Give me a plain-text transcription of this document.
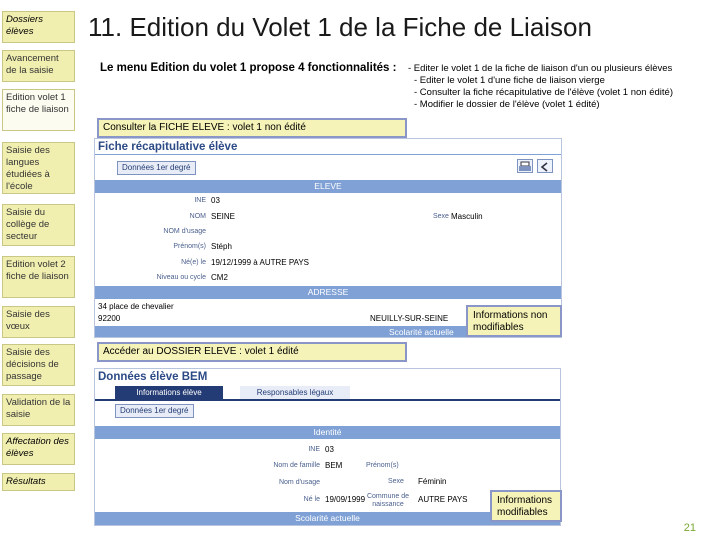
Dossiers élèves
Avancement de la saisie
Edition volet 1 fiche de liaison
Saisie des langues étudiées à l'école
Saisie du collège de secteur
Edition volet 2 fiche de liaison
Saisie des vœux
Saisie des décisions de passage
Validation de la saisie
Affectation des élèves
Résultats
11. Edition du Volet 1 de la Fiche de Liaison
Le menu Edition du volet 1 propose 4 fonctionnalités : - Editer le volet 1 de la fiche de liaison d'un ou plusieurs élèves
- Editer le volet 1 d'une fiche de liaison vierge
- Consulter la fiche récapitulative de l'élève (volet 1 non édité)
- Modifier le dossier de l'élève (volet 1 édité)
Consulter la FICHE ELEVE : volet 1 non édité
Fiche récapitulative élève
Données 1er degré
ELEVE
INE 03
NOM SEINE
NOM d'usage
Prénom(s) Stéph
Né(e) le 19/12/1999 à AUTRE PAYS
Niveau ou cycle CM2
Sexe Masculin
ADRESSE
34 place de chevalier
92200	NEUILLY-SUR-SEINE
Scolarité actuelle
Informations non modifiables
Accéder au DOSSIER ELEVE : volet 1 édité
Données élève BEM
Informations élève	Responsables légaux
Données 1er degré
Identité
INE 03
Nom de famille BEM
Nom d'usage
Né le 19/09/1999
Prénom(s)
Sexe Féminin
Commune de naissance
AUTRE PAYS
Scolarité actuelle
Informations modifiables
21
